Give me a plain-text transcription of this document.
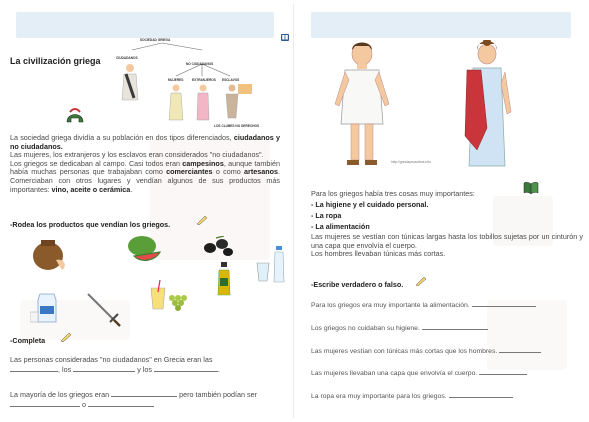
La civilización griega
SOCIEDAD GRIEGA
CIUDADANOS
NO CIUDADANOS
MUJERES	EXTRANJEROS ESCLAVOS
LOS CLUBES NO DERECHOS
La sociedad griega dividía a su población en dos tipos diferenciados, ciudadanos y no ciudadanos.
Las mujeres, los extranjeros y los esclavos eran considerados "no ciudadanos".
Los griegos se dedicaban al campo. Casi todos eran campesinos, aunque también había muchas personas que trabajaban como comerciantes o como artesanos. Comerciaban con otros lugares y vendían algunos de sus productos más importantes: vino, aceite o cerámica.
-Rodea los productos que vendían los griegos.
-Completa
Las personas consideradas "no ciudadanos" en Grecia eran las
, los	y los	.
La mayoría de los griegos eran	pero también podían ser
o
http://greciaynosotros.info
Para los griegos había tres cosas muy importantes:
- La higiene y el cuidado personal.
- La ropa
- La alimentación
Las mujeres se vestían con túnicas largas hasta los tobillos sujetas por un cinturón y una capa que envolvía el cuerpo.
Los hombres llevaban túnicas más cortas.
-Escribe verdadero o falso.
Para los griegos era muy importante la alimentación.
Los griegos no cuidaban su higiene.
Las mujeres vestían con túnicas más cortas que los hombres.
Las mujeres llevaban una capa que envolvía el cuerpo.
La ropa era muy importante para los griegos.
